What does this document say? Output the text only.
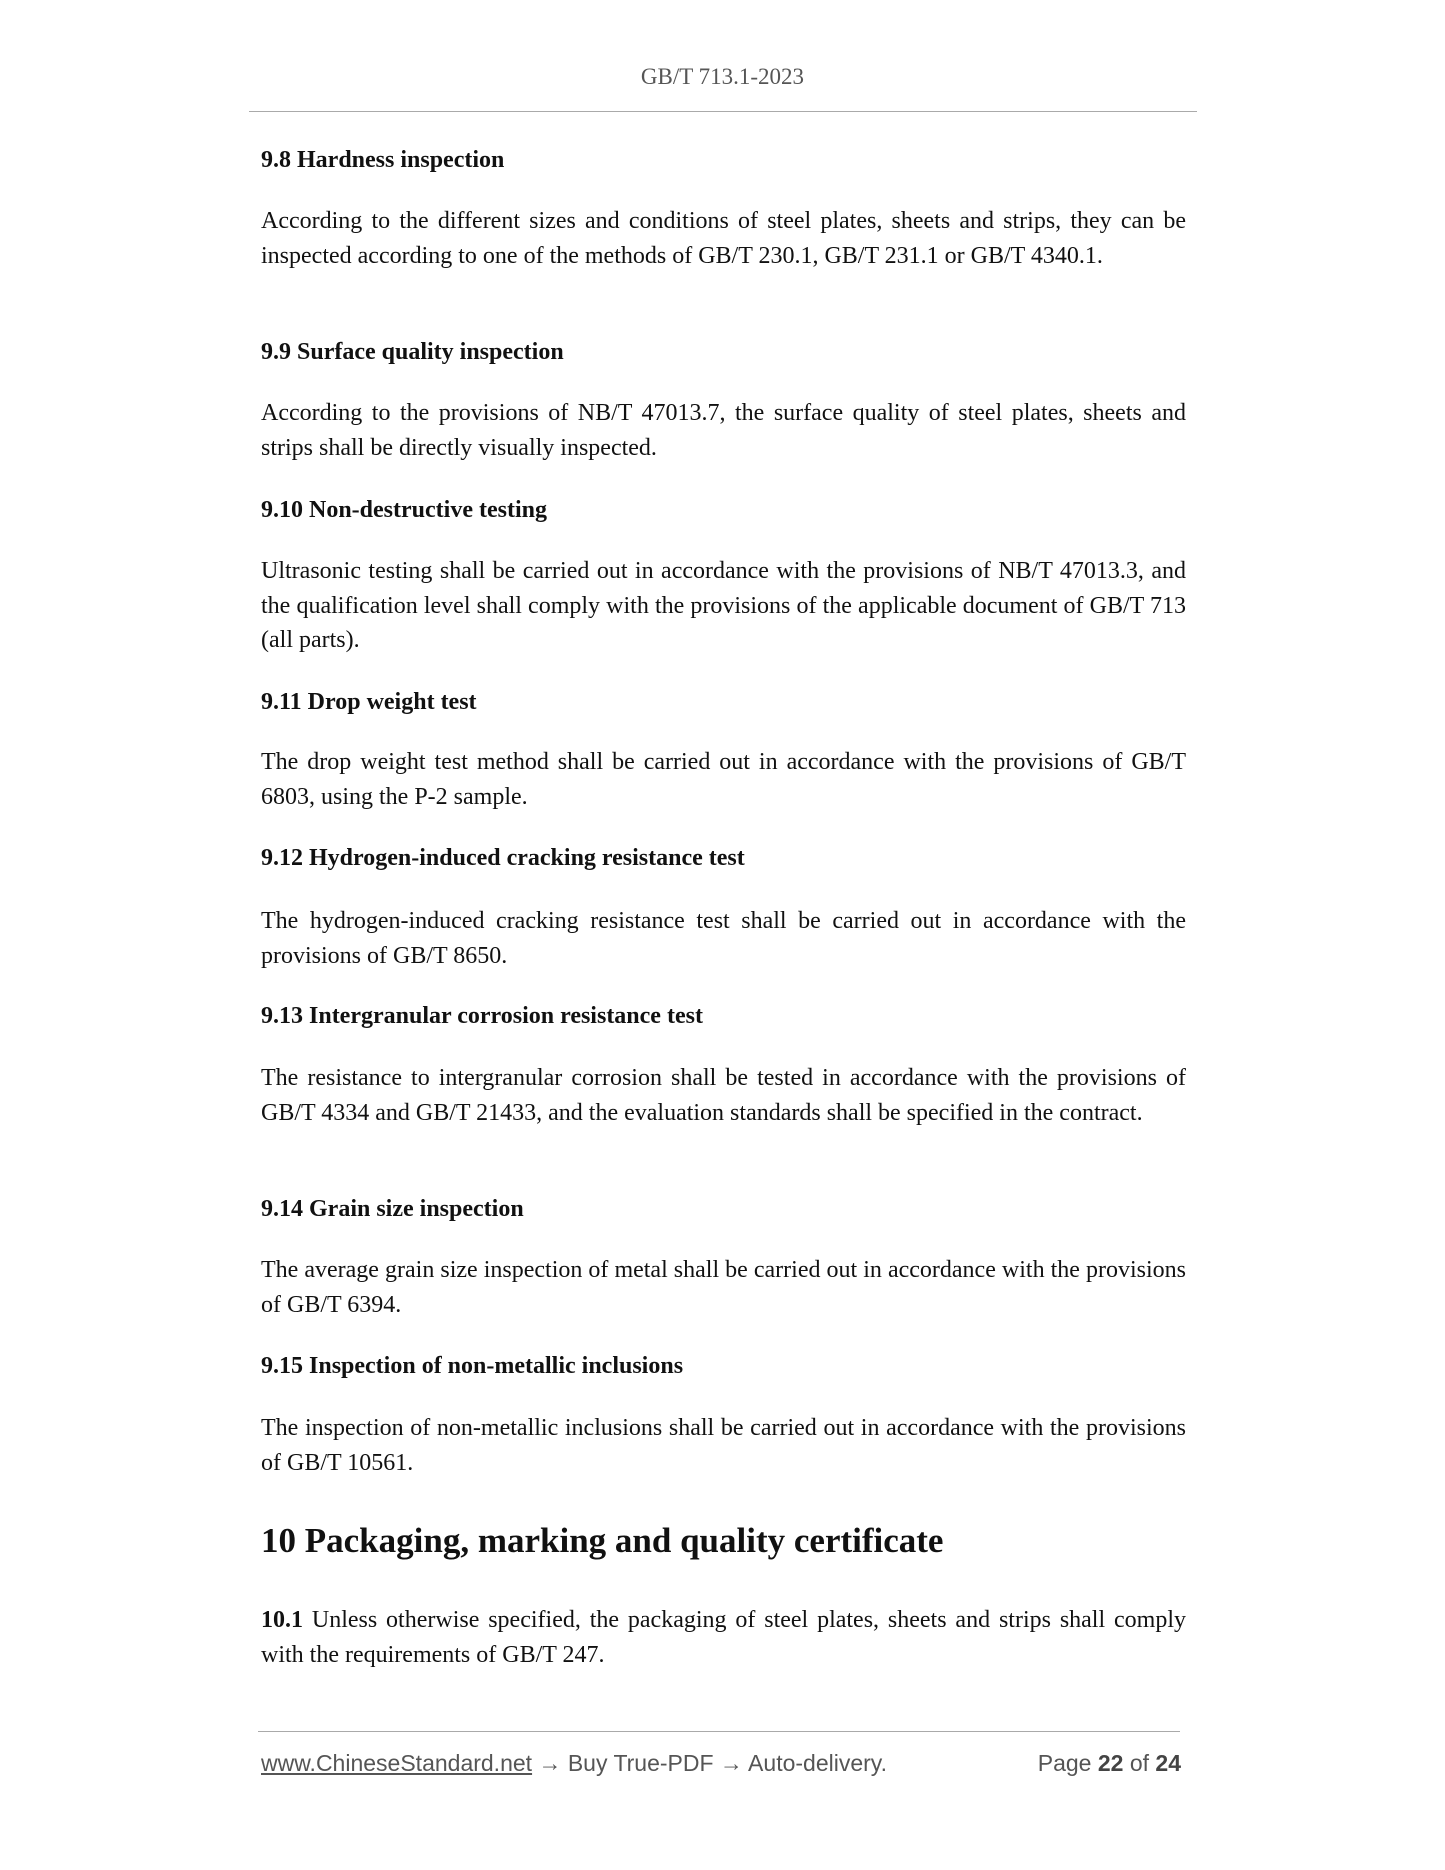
GB/T 713.1-2023
9.8 Hardness inspection
According to the different sizes and conditions of steel plates, sheets and strips, they can be inspected according to one of the methods of GB/T 230.1, GB/T 231.1 or GB/T 4340.1.
9.9 Surface quality inspection
According to the provisions of NB/T 47013.7, the surface quality of steel plates, sheets and strips shall be directly visually inspected.
9.10 Non-destructive testing
Ultrasonic testing shall be carried out in accordance with the provisions of NB/T 47013.3, and the qualification level shall comply with the provisions of the applicable document of GB/T 713 (all parts).
9.11 Drop weight test
The drop weight test method shall be carried out in accordance with the provisions of GB/T 6803, using the P-2 sample.
9.12 Hydrogen-induced cracking resistance test
The hydrogen-induced cracking resistance test shall be carried out in accordance with the provisions of GB/T 8650.
9.13 Intergranular corrosion resistance test
The resistance to intergranular corrosion shall be tested in accordance with the provisions of GB/T 4334 and GB/T 21433, and the evaluation standards shall be specified in the contract.
9.14 Grain size inspection
The average grain size inspection of metal shall be carried out in accordance with the provisions of GB/T 6394.
9.15 Inspection of non-metallic inclusions
The inspection of non-metallic inclusions shall be carried out in accordance with the provisions of GB/T 10561.
10 Packaging, marking and quality certificate
10.1 Unless otherwise specified, the packaging of steel plates, sheets and strips shall comply with the requirements of GB/T 247.
www.ChineseStandard.net → Buy True-PDF → Auto-delivery.	Page 22 of 24
